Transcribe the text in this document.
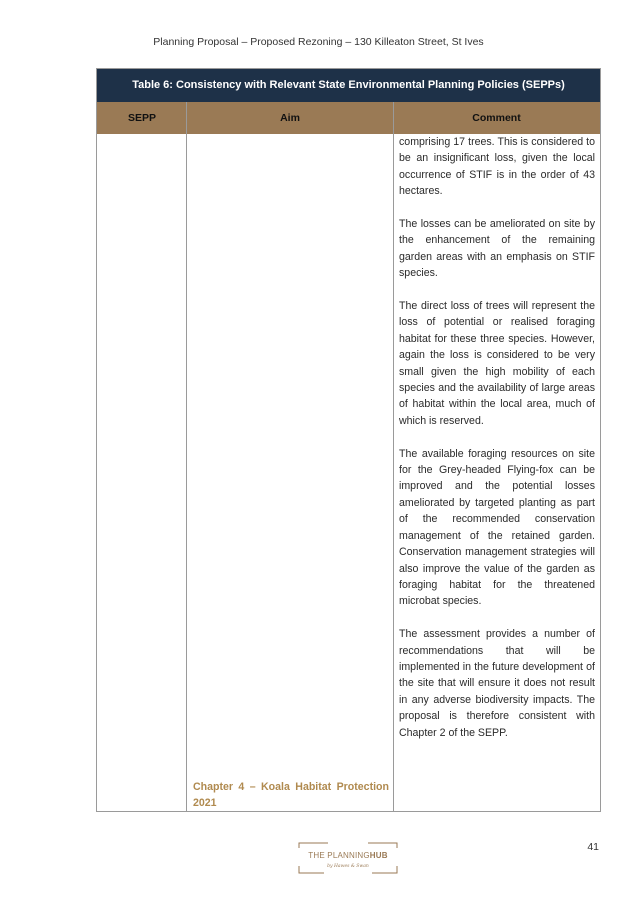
Planning Proposal – Proposed Rezoning – 130 Killeaton Street, St Ives
Table 6: Consistency with Relevant State Environmental Planning Policies (SEPPs)
SEPP	Aim	Comment

comprising 17 trees. This is considered to be an insignificant loss, given the local occurrence of STIF is in the order of 43 hectares.

The losses can be ameliorated on site by the enhancement of the remaining garden areas with an emphasis on STIF species.

The direct loss of trees will represent the loss of potential or realised foraging habitat for these three species. However, again the loss is considered to be very small given the high mobility of each species and the availability of large areas of habitat within the local area, much of which is reserved.

The available foraging resources on site for the Grey-headed Flying-fox can be improved and the potential losses ameliorated by targeted planting as part of the recommended conservation management of the retained garden. Conservation management strategies will also improve the value of the garden as foraging habitat for the threatened microbat species.

The assessment provides a number of recommendations that will be implemented in the future development of the site that will ensure it does not result in any adverse biodiversity impacts. The proposal is therefore consistent with Chapter 2 of the SEPP.

Chapter 4 – Koala Habitat Protection 2021
41
THE PLANNINGHUB
by Hawes & Swan
